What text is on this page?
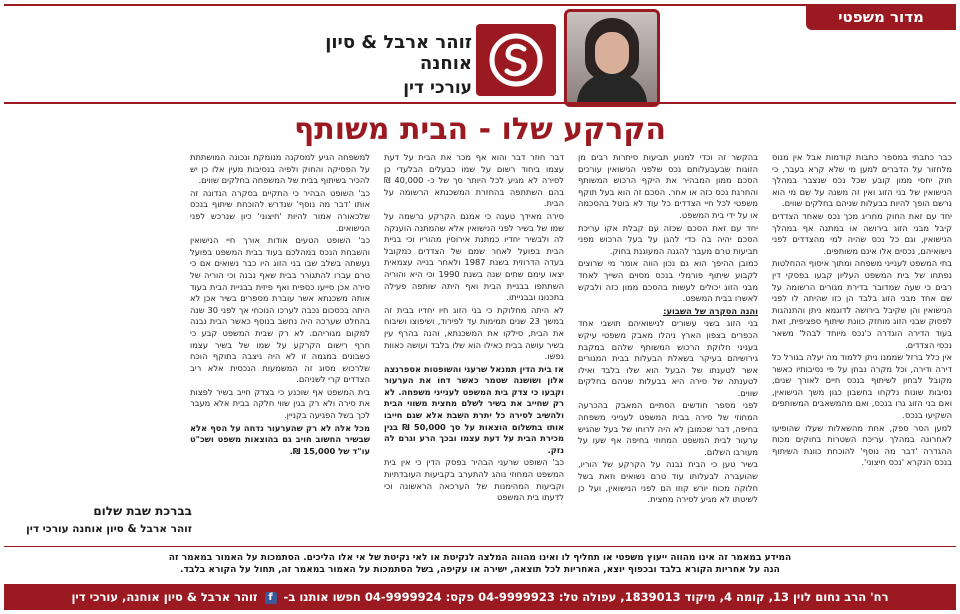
מדור משפטי
זוהר ארבל & סיון אוחנה
עורכי דין
הקרקע שלו - הבית משותף

כבר כתבתי במספר כתבות קודמות אבל אין מנוס מלחזור על הדברים למען מי שלא קרא בעבר, כי חוק יחסי ממון קובע שכל נכס שנצבר במהלך הנישואין של בני הזוג ואין זה משנה על שם מי הוא נרשם הופך להיות בבעלות שניהם בחלקים שווים.

יחד עם זאת החוק מחריג מכך נכס שאחד הצדדים קיבל מבני הזוג בירושה או במתנה אף במהלך הנישואין, וגם כל נכס שהיה למי מהצדדים לפני נישואיהם, נכסים אלו אינם משותפים.

בתי המשפט לענייני משפחה ומתוך איסוף ההחלטות נפתחו של בית המשפט העליון קבעו בפסקי דין רבים כי שעה שמדובר בדירת מגורים הרשומה על שם אחד מבני הזוג בלבד הן כזו שהיתה לו לפני הנישואין והן שקיבל בירושה לדוגמא ניתן והתנהגות לפסוק שבני הזוג מוחזק כוונת שיתוף ספציפית, זאת בעוד הדירה הוגדרה כ'נכס מיוחד לבהל' משאר נכסי הצדדים.

אין כלל ברזל שממנו ניתן ללמוד מה יעלה בגורל כל דירה ודירה, וכל מקרה נבחן על פי נסיבותיו כאשר מקובל לבחון לשיתוף בנכס חיים לאורך שנים, נסיבות שונות נלקחו בחשבון כגון משך הנישואין, ואם בני הזוג גרו בנכס, ואם מהמשאבים המשותפים השקיעו בנכס.

למען הסר ספק, אחת מהשאלות שעלו שהופיעו לאחרונה במהלך עריכת השטרות בחוקים מכוח ההגדרה 'דבר מה נוסף' להוכחת כוונת השיתוף בנכס הנקרא 'נכס חיצוני'.

בהקשר זה וכדי למנוע תביעות סיתרות רבים מן הזוגות שבעבעלותם נכס שלפני הנישואין עורכים הסכם ממון המבהיר את היקף הרכוש המשותף והחרגת נכס כזה או אחר. הסכם זה הוא בעל תוקף משפטי לכל חיי הצדדים כל עוד לא בוטל בהסכמה או על ידי בית המשפט.

יחד עם זאת הסכם שכזה עם קבלת אקו עריכת הסכם יהיה בה כדי להגן על בעל הרכוש מפני תביעות טרם מעבר להגנה המעוגנת בחוק.

כמובן ההיפך הוא גם נכון הווה אומר מי שרוצים לקבוע שיתוף פורמלי בנכס מסוים השייך לאחד מבני הזוג יכולים לעשות בהסכם ממון כזה ולבקש לאשרו בבית המשפט.

והנה הסקרה של השבוע:

בני הזוג בשני עשורים לנישואיהם תושבי אחד הכפרים בצפון הארץ ניהלו מאבק משפטי עיקש בעניני חלוקת הרכוש המשותף שלהם במקבת גירושיהם בעיקר בשאלת הבעלות בבית המגורים אשר לטענתו של הבעל הוא שלו בלבד ואילו לטענתה של סירה היא בבעלות שניהם בחלקים שווים.

לפני מספר חודשים הסתיים המאבק בהכרעה המחוזי של סירה בבית המשפט לענייני משפחה בחיפה, דבר שכמובן לא היה לרוחו של בעל שהגיש ערעור לבית המשפט המחוזי בחיפה אף שעו על מעורבו השלום.

בשיר טען כי הבית נבנה על הקרקע של הוריו, שהועברה לבעלותו עוד טרם נשואים וזאת בשל חלוקה מכוח יורש קוזו הם לפני הנישואין, ועל כן לשיטתו לא מגיע לסירה מחצית.

דבר חוזר דבר והוא אף מכר את הבית על דעת עצמו ביחוד רשום על שמו כבעלים הבלעדי כן לסירה לא מגיע לכל היותר סך של כ- 40,000 ₪ בהם השתתפה בהחזרת המשכנתא הרשומה על הבית.

סירה מאידך טענה כי אמנם הקרקע נרשמה על שמו של בשיר לפני הנישואין אלא שהמתנה הוענקה לה ולבשיר יחדיו כמתנת אירוסין מהוריו וכי בניית הבית בפועל לאחר שמם של הצדדים כמקובל בעדה הדרוזית בשנת 1987 ולאחר בנייה עצמאית יצאו עימם שתים שנה בשנת 1990 וכי היא והוריה השתתפו בבניית הבית ואף היתה שותפה פעילה בתכנונו ובבנייתו.

לא היתה מחלוקת כי בני הזוג חיו יחדיו בבית זה במשך 23 שנים תמימות עד לפירוד, ושיפוצו ושיבוח את הבית, סילקו את המשכנתא, והנה בהרף עין בשיר עושה בבית כאילו הוא שלו בלבד ועושה כאוות נפשו.

אז בית הדין תמנאל שרעני והשופטות אספרנצה אלון ושושנה שטמר כאשר דחו את הערעור וקבעו כי צדק בית המשפט לענייני משפחה. לא רק שחייב את בשיר לשלם מחצית משווי הבית ולהשיב לסירה כל יתרת השבת אלא שגם חייבו אותו בתשלום הוצאות על סך 50,000 ₪ בגין מכירת הבית על דעת עצמו ובכך הרע וגרם לה נזק.

כב' השופט שרעני הבהיר בפסק הדין כי אין בית המשפט המחוזי נוהג להתערב בקביעות העובדתיות וקביעות המהימנות של הערכאה הראשונה וכי לדעתו בית המשפט

למשפחה הגיע למסקנה מנומקת ונכונה המושתתת על הפסיקה והחוק ולפיה בנסיבות מעין אלו כן יש להכיר בשיתוף בבית של המשפחה בחלקים שווים.

כב' השופט הבהיר כי התקיים בסקרה הנדונה זה אותו 'דבר מה נוסף' שנדרש להוכחת שיתוף בנכס שלכאורה אמור להיות 'חיצוני' כיון שנרכש לפני הנישואים.

כב' השופט הטעים אודות אורך חיי הנישואין והשבחת הנכס במהלכם בעוד בבית המשפט בפועל נעשתה בשלב שבו בני הזוג היו כבר נשואים אם כי טרם עברו להתגורר בבית שאף נבנה וכי הוריה של סירה אכן סייעו כספית ואף פיזית בבניית הבית בעוד אותה משכנתא אשר עוברת מספרים בשיר אכן לא היתה בכסכום נכבה לערכו הנוכחי אך לפני 30 שנה בהחלט שערכה היה נחשב בנוסף כאשר הבית נבנה למקום מגוריהם. לא רק שבית המשפט קבע כי חרף רישום הקרקע על שמו של בשיר עצמו כשבונים במגמה זו לא היה ניצבה בתוקף הוכח שלרכוש מסוג זה המשמעות הנכסית אלא ריב הצדדים קרי לשניהם.

בית המשפט אף שוכנע כי בצדק חייב בשיר לפצות את סירה ולא רק בגין שווי חלקה בבית אלא מעבר לכך בשל הפגיעה בקניין.

מכל אלה לא רק שהערעור נדחה על הסף אלא שבשיר החשוב חויב גם בהוצאות משפט ושכ"ט עו"ד של 15,000 ₪.

בברכת שבת שלום
זוהר ארבל & סיון אוחנה עורכי דין
המידע במאמר זה אינו מהווה ייעוץ משפטי או תחליף לו ואינו מהווה המלצה לנקיטת או לאי נקיטת של אי אלו הליכים. הסתמכות על האמור במאמר זה
הנה על אחריות הקורא בלבד ובכפוף יוצא, האחריות לכל תוצאה, ישירה או עקיפה, בשל הסתמכות על האמור במאמר זה, תחול על הקורא בלבד.
רח' הרב נחום לוין 13, קומה 4, מיקוד 1839013, עפולה טל: 04-9999923 פקס: 04-9999924 חפשו אותנו ב- f זוהר ארבל & סיון אוחנה, עורכי דין
